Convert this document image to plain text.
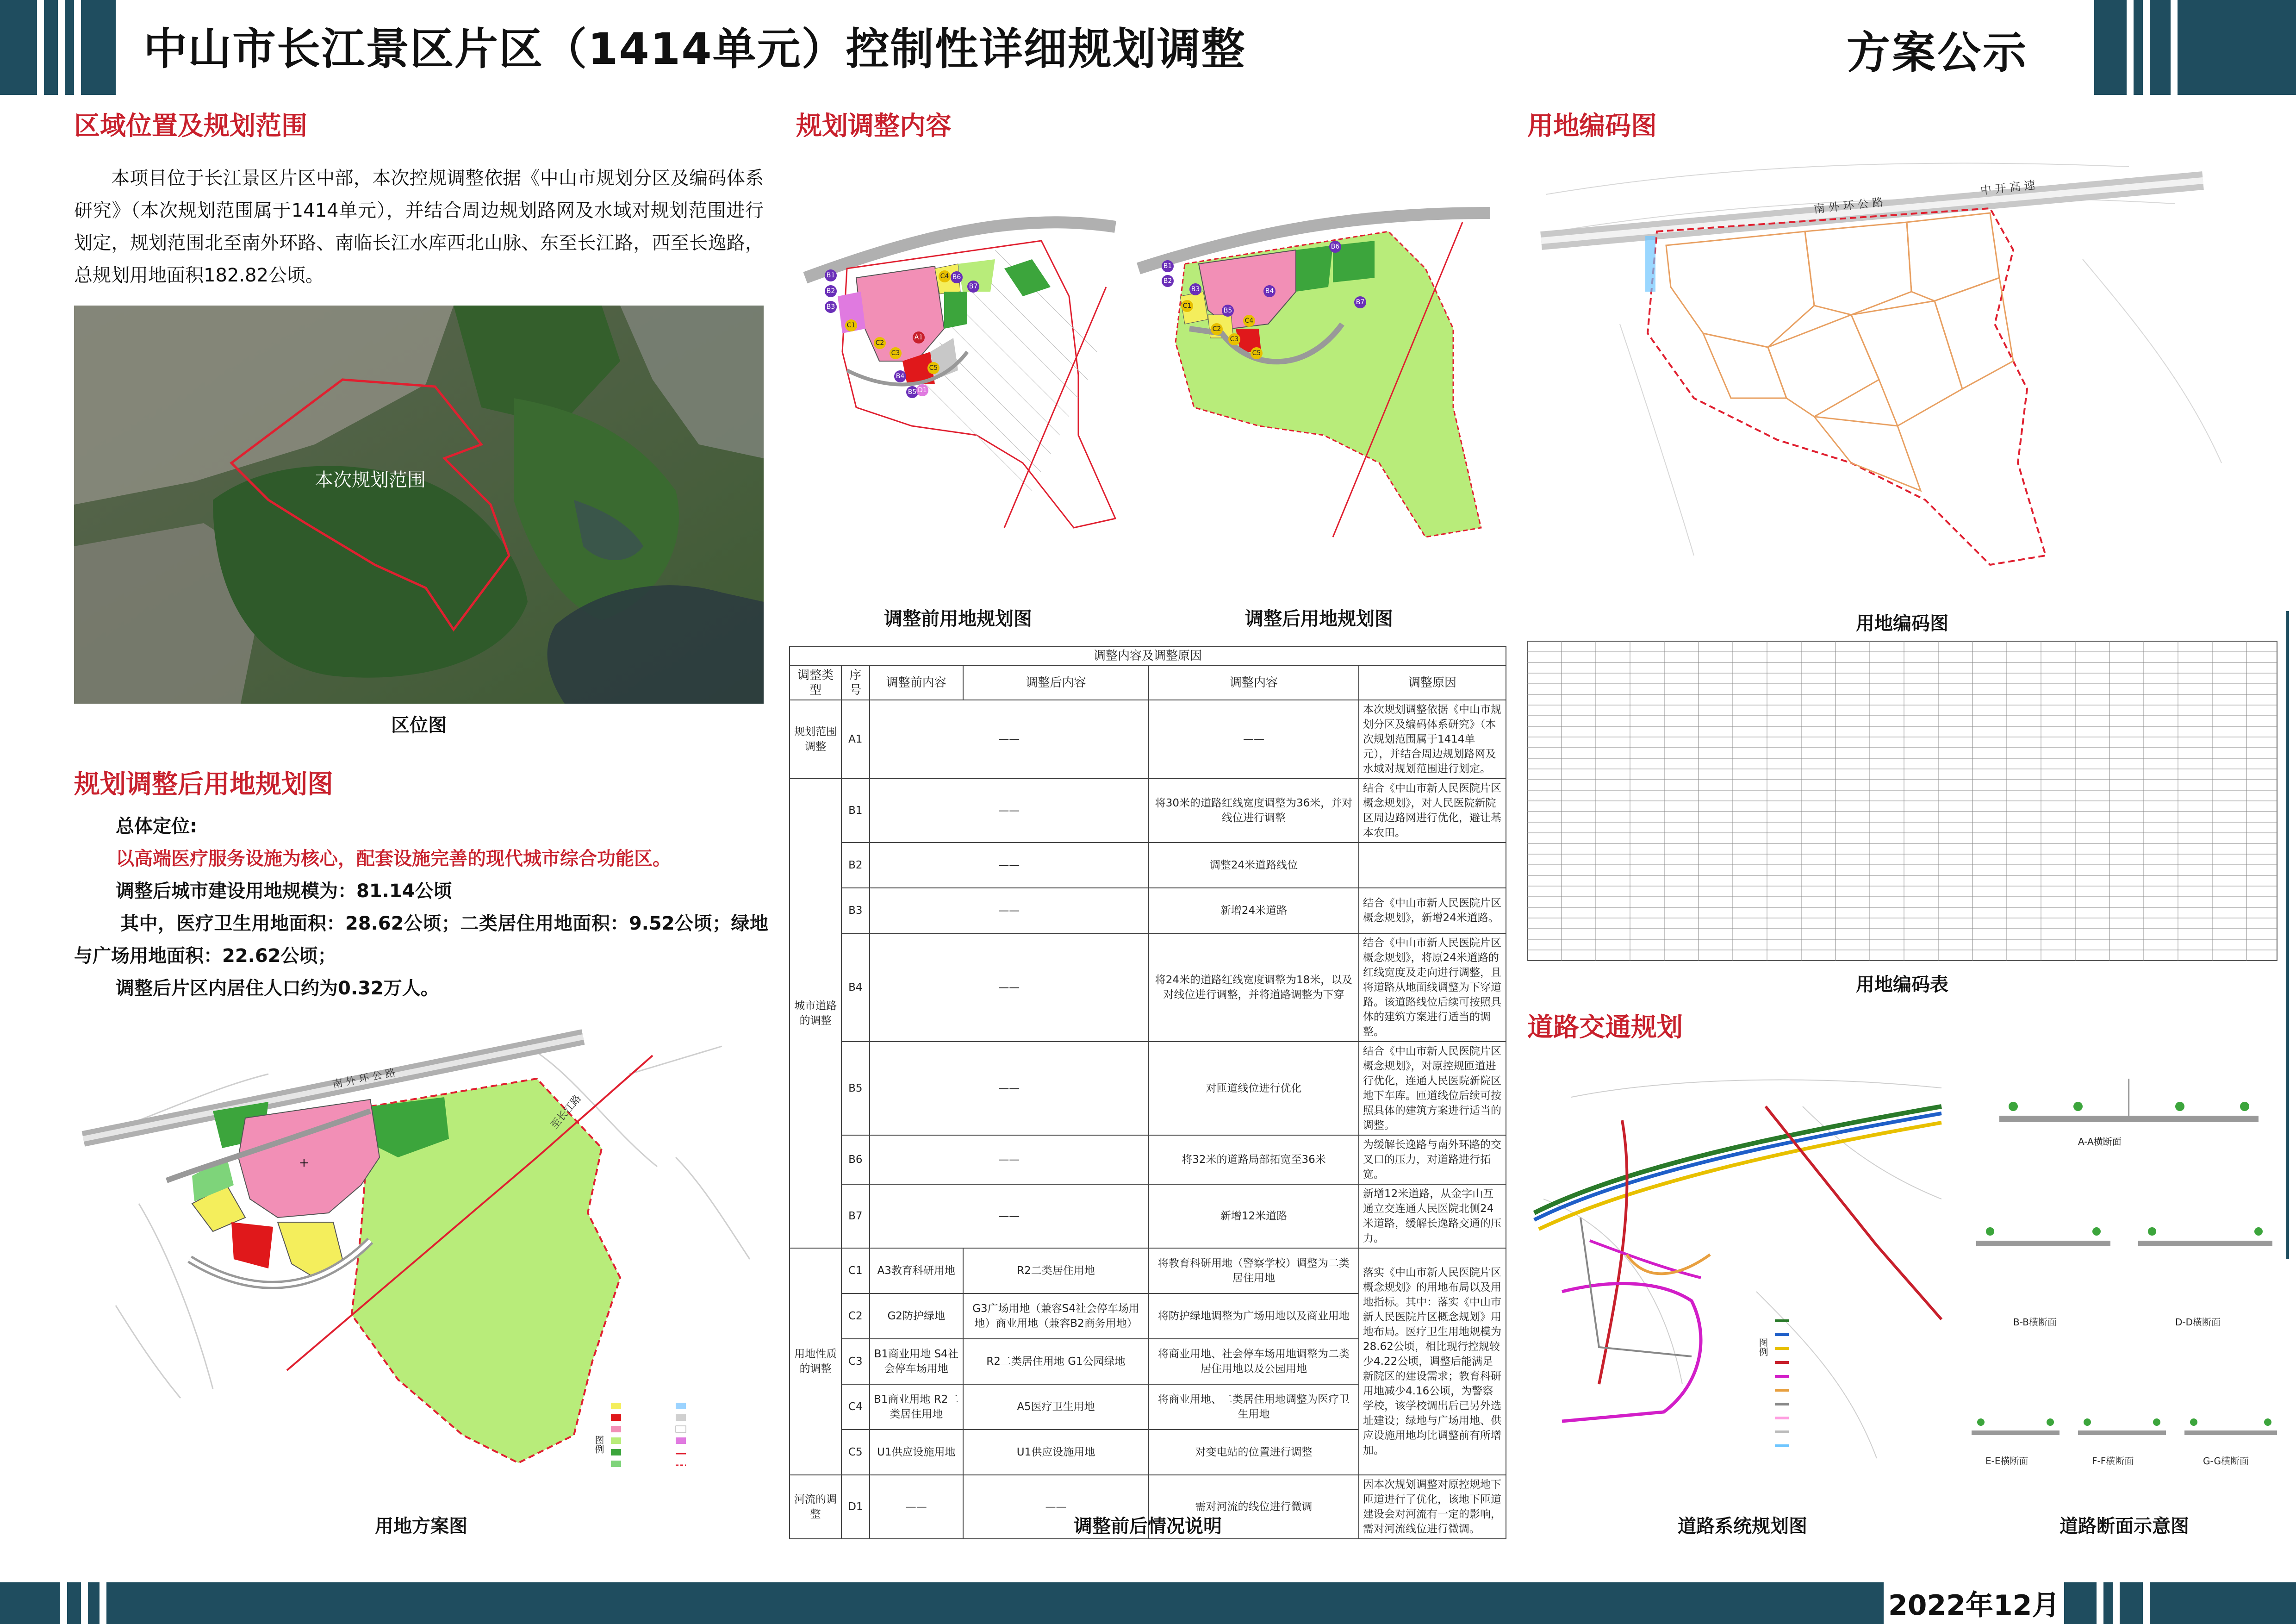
中山市长江景区片区（1414单元）控制性详细规划调整	方案公示
区域位置及规划范围
本项目位于长江景区片区中部，本次控规调整依据《中山市规划分区及编码体系研究》（本次规划范围属于1414单元），并结合周边规划路网及水域对规划范围进行划定，规划范围北至南外环路、南临长江水库西北山脉、东至长江路，西至长逸路，总规划用地面积182.82公顷。
本次规划范围
区位图
规划调整后用地规划图
总体定位:
以高端医疗服务设施为核心，配套设施完善的现代城市综合功能区。
调整后城市建设用地规模为：81.14公顷
其中，医疗卫生用地面积：28.62公顷；二类居住用地面积：9.52公顷；绿地与广场用地面积：22.62公顷；
调整后片区内居住人口约为0.32万人。
南 外 环 公 路
+
至长江路
图例
用地方案图
规划调整内容
A1
B1
B2
B3
B4
B5
B6
B7
C1
C2
C3
C4
C5
D1
调整前用地规划图
B1
B2
B3	B4
B5
B6
B7
C1
C2
C3
C4
C5
调整后用地规划图
调整内容及调整原因					
调整类型	序号	调整前内容	调整后内容	调整内容	调整原因
规划范围调整	A1	——		——	本次规划调整依据《中山市规划分区及编码体系研究》（本次规划范围属于1414单元），并结合周边规划路网及水域对规划范围进行划定。
城市道路的调整	B1	——		将30米的道路红线宽度调整为36米，并对线位进行调整	结合《中山市新人民医院片区概念规划》，对人民医院新院区周边路网进行优化，避让基本农田。
	B2	——		调整24米道路线位	
	B3	——		新增24米道路	结合《中山市新人民医院片区概念规划》，新增24米道路。
	B4	——		将24米的道路红线宽度调整为18米，以及对线位进行调整，并将道路调整为下穿	结合《中山市新人民医院片区概念规划》，将原24米道路的红线宽度及走向进行调整，且将道路从地面线调整为下穿道路。该道路线位后续可按照具体的建筑方案进行适当的调整。
	B5	——		对匝道线位进行优化	结合《中山市新人民医院片区概念规划》，对原控规匝道进行优化，连通人民医院新院区地下车库。匝道线位后续可按照具体的建筑方案进行适当的调整。
	B6	——		将32米的道路局部拓宽至36米	为缓解长逸路与南外环路的交叉口的压力，对道路进行拓宽。
	B7	——		新增12米道路	新增12米道路，从金字山互通立交连通人民医院北侧24米道路，缓解长逸路交通的压力。
用地性质的调整	C1	A3教育科研用地	R2二类居住用地	将教育科研用地（警察学校）调整为二类居住用地	落实《中山市新人民医院片区概念规划》的用地布局以及用地指标。其中：落实《中山市新人民医院片区概念规划》用地布局。医疗卫生用地规模为28.62公顷，相比现行控规较少4.22公顷，调整后能满足新院区的建设需求；教育科研用地减少4.16公顷，为警察学校，该学校调出后已另外选址建设；绿地与广场用地、供应设施用地均比调整前有所增加。
	C2	G2防护绿地	G3广场用地（兼容S4社会停车场用地）商业用地（兼容B2商务用地）	将防护绿地调整为广场用地以及商业用地	
	C3	B1商业用地 S4社会停车场用地	R2二类居住用地 G1公园绿地	将商业用地、社会停车场用地调整为二类居住用地以及公园用地	
	C4	B1商业用地 R2二类居住用地	A5医疗卫生用地	将商业用地、二类居住用地调整为医疗卫生用地	
	C5	U1供应设施用地	U1供应设施用地	对变电站的位置进行调整	
河流的调整	D1	——	——	需对河流的线位进行微调	因本次规划调整对原控规地下匝道进行了优化，该地下匝道建设会对河流有一定的影响，需对河流线位进行微调。
调整前后情况说明
用地编码图
南 外 环 公 路
中 开 高 速
用地编码图
用地编码表
道路交通规划
图例
道路系统规划图
A-A横断面
B-B横断面	D-D横断面
E-E横断面	F-F横断面	G-G横断面
道路断面示意图
2022年12月
